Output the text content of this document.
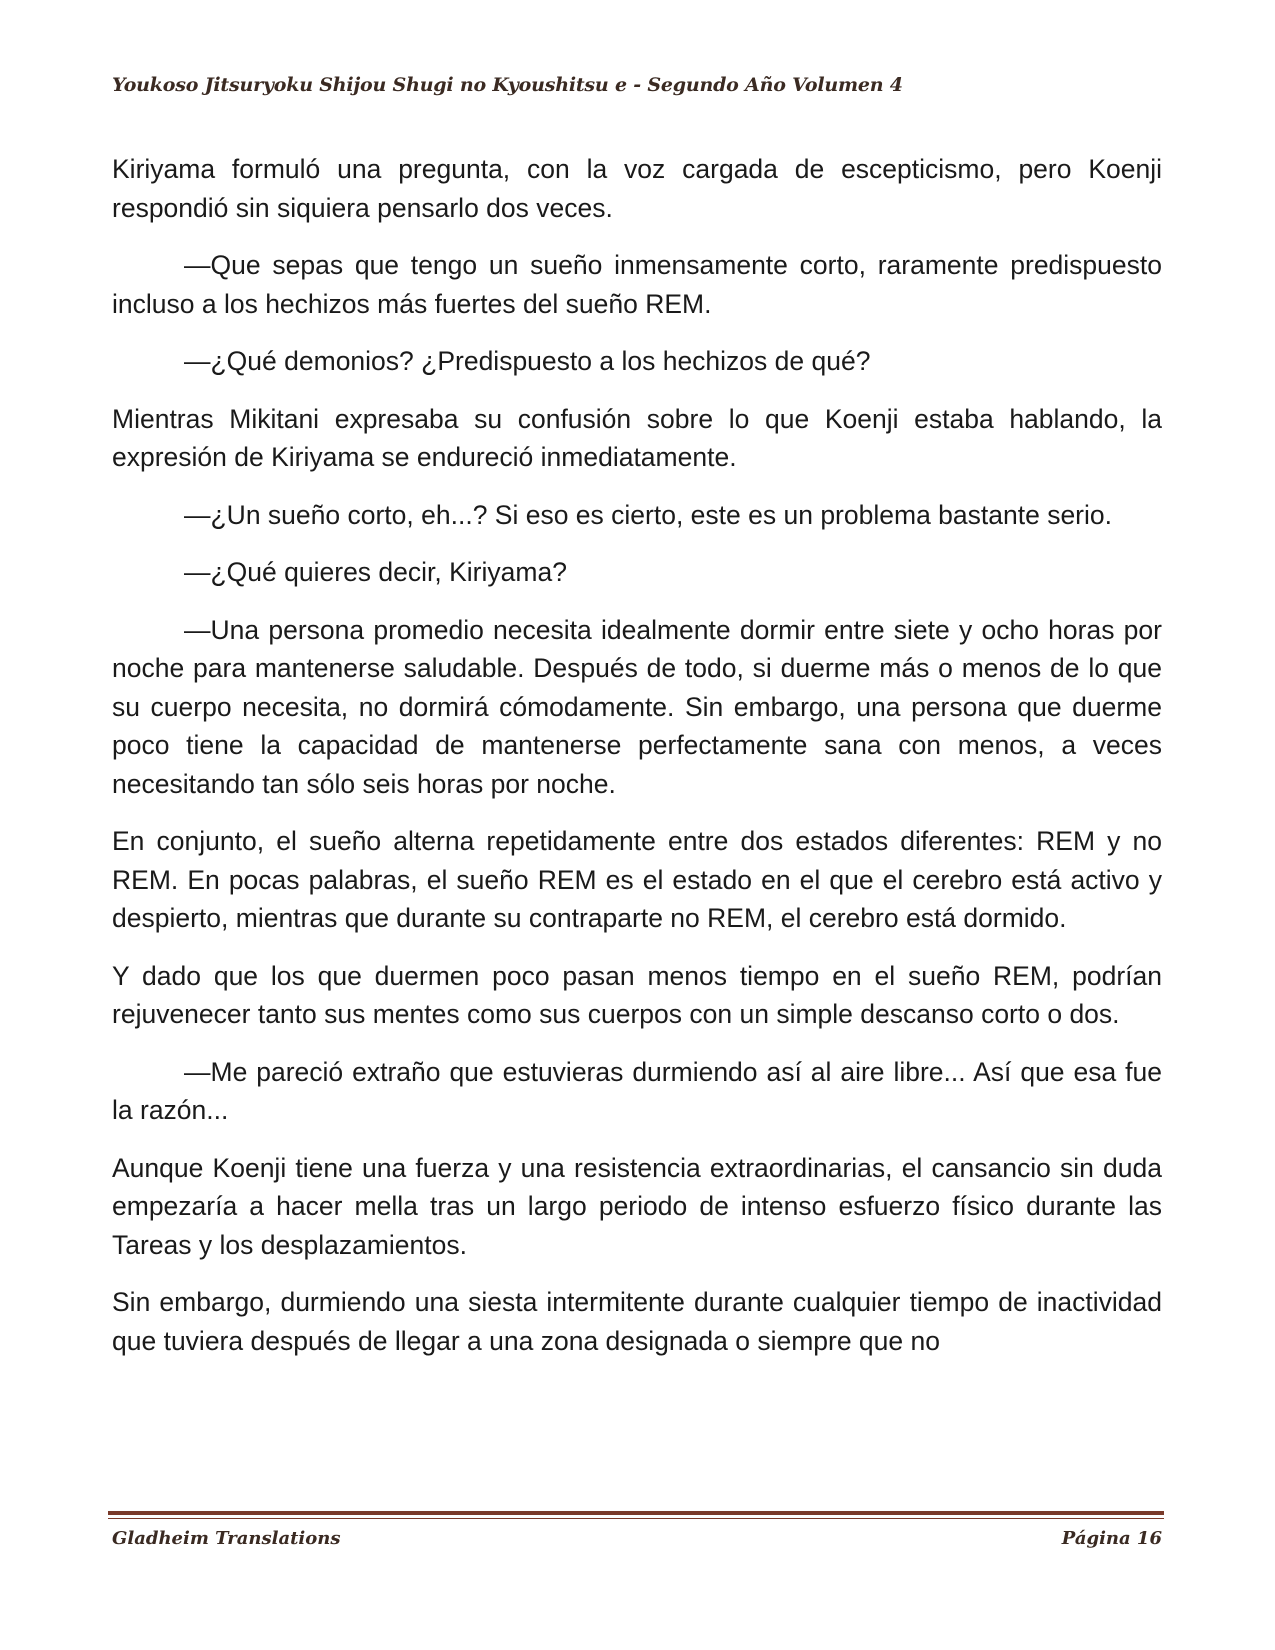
Youkoso Jitsuryoku Shijou Shugi no Kyoushitsu e - Segundo Año Volumen 4

Kiriyama formuló una pregunta, con la voz cargada de escepticismo, pero Koenji respondió sin siquiera pensarlo dos veces.

—Que sepas que tengo un sueño inmensamente corto, raramente predispuesto incluso a los hechizos más fuertes del sueño REM.

—¿Qué demonios? ¿Predispuesto a los hechizos de qué?

Mientras Mikitani expresaba su confusión sobre lo que Koenji estaba hablando, la expresión de Kiriyama se endureció inmediatamente.

—¿Un sueño corto, eh...? Si eso es cierto, este es un problema bastante serio.

—¿Qué quieres decir, Kiriyama?

—Una persona promedio necesita idealmente dormir entre siete y ocho horas por noche para mantenerse saludable. Después de todo, si duerme más o menos de lo que su cuerpo necesita, no dormirá cómodamente. Sin embargo, una persona que duerme poco tiene la capacidad de mantenerse perfectamente sana con menos, a veces necesitando tan sólo seis horas por noche.

En conjunto, el sueño alterna repetidamente entre dos estados diferentes: REM y no REM. En pocas palabras, el sueño REM es el estado en el que el cerebro está activo y despierto, mientras que durante su contraparte no REM, el cerebro está dormido.

Y dado que los que duermen poco pasan menos tiempo en el sueño REM, podrían rejuvenecer tanto sus mentes como sus cuerpos con un simple descanso corto o dos.

—Me pareció extraño que estuvieras durmiendo así al aire libre... Así que esa fue la razón...

Aunque Koenji tiene una fuerza y una resistencia extraordinarias, el cansancio sin duda empezaría a hacer mella tras un largo periodo de intenso esfuerzo físico durante las Tareas y los desplazamientos.

Sin embargo, durmiendo una siesta intermitente durante cualquier tiempo de inactividad que tuviera después de llegar a una zona designada o siempre que no

Gladheim Translations	Página 16
